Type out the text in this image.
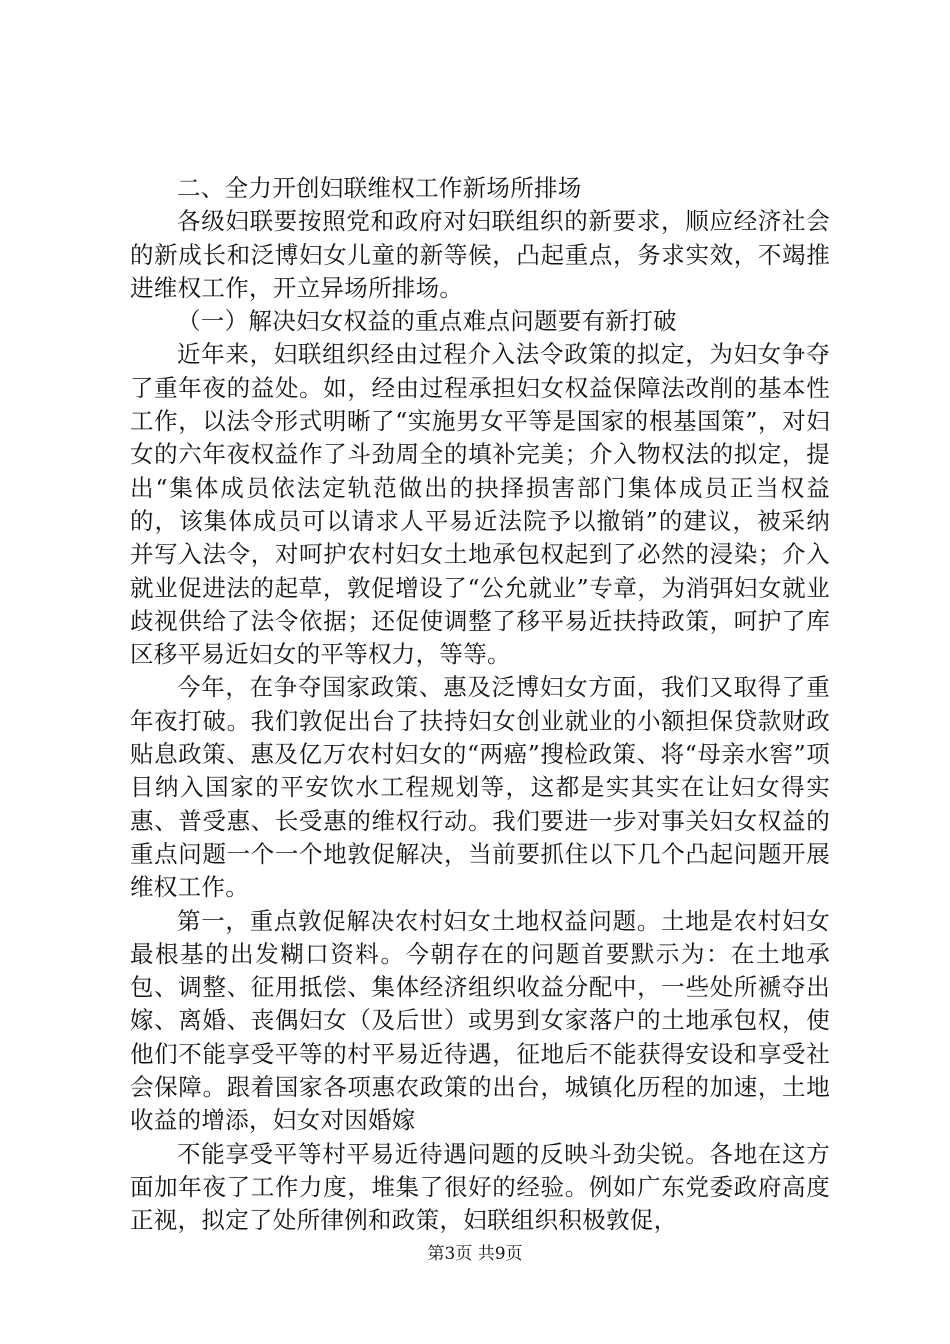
二、全力开创妇联维权工作新场所排场

各级妇联要按照党和政府对妇联组织的新要求，顺应经济社会的新成长和泛博妇女儿童的新等候，凸起重点，务求实效，不竭推进维权工作，开立异场所排场。

（一）解决妇女权益的重点难点问题要有新打破

近年来，妇联组织经由过程介入法令政策的拟定，为妇女争夺了重年夜的益处。如，经由过程承担妇女权益保障法改削的基本性工作，以法令形式明晰了“实施男女平等是国家的根基国策”，对妇女的六年夜权益作了斗劲周全的填补完美；介入物权法的拟定，提出“集体成员依法定轨范做出的抉择损害部门集体成员正当权益的，该集体成员可以请求人平易近法院予以撤销”的建议，被采纳并写入法令，对呵护农村妇女土地承包权起到了必然的浸染；介入就业促进法的起草，敦促增设了“公允就业”专章，为消弭妇女就业歧视供给了法令依据；还促使调整了移平易近扶持政策，呵护了库区移平易近妇女的平等权力，等等。

今年，在争夺国家政策、惠及泛博妇女方面，我们又取得了重年夜打破。我们敦促出台了扶持妇女创业就业的小额担保贷款财政贴息政策、惠及亿万农村妇女的“两癌”搜检政策、将“母亲水窖”项目纳入国家的平安饮水工程规划等，这都是实其实在让妇女得实惠、普受惠、长受惠的维权行动。我们要进一步对事关妇女权益的重点问题一个一个地敦促解决，当前要抓住以下几个凸起问题开展维权工作。

第一，重点敦促解决农村妇女土地权益问题。土地是农村妇女最根基的出发糊口资料。今朝存在的问题首要默示为：在土地承包、调整、征用抵偿、集体经济组织收益分配中，一些处所褫夺出嫁、离婚、丧偶妇女（及后世）或男到女家落户的土地承包权，使他们不能享受平等的村平易近待遇，征地后不能获得安设和享受社会保障。跟着国家各项惠农政策的出台，城镇化历程的加速，土地收益的增添，妇女对因婚嫁

不能享受平等村平易近待遇问题的反映斗劲尖锐。各地在这方面加年夜了工作力度，堆集了很好的经验。例如广东党委政府高度正视，拟定了处所律例和政策，妇联组织积极敦促，

第3页 共9页
